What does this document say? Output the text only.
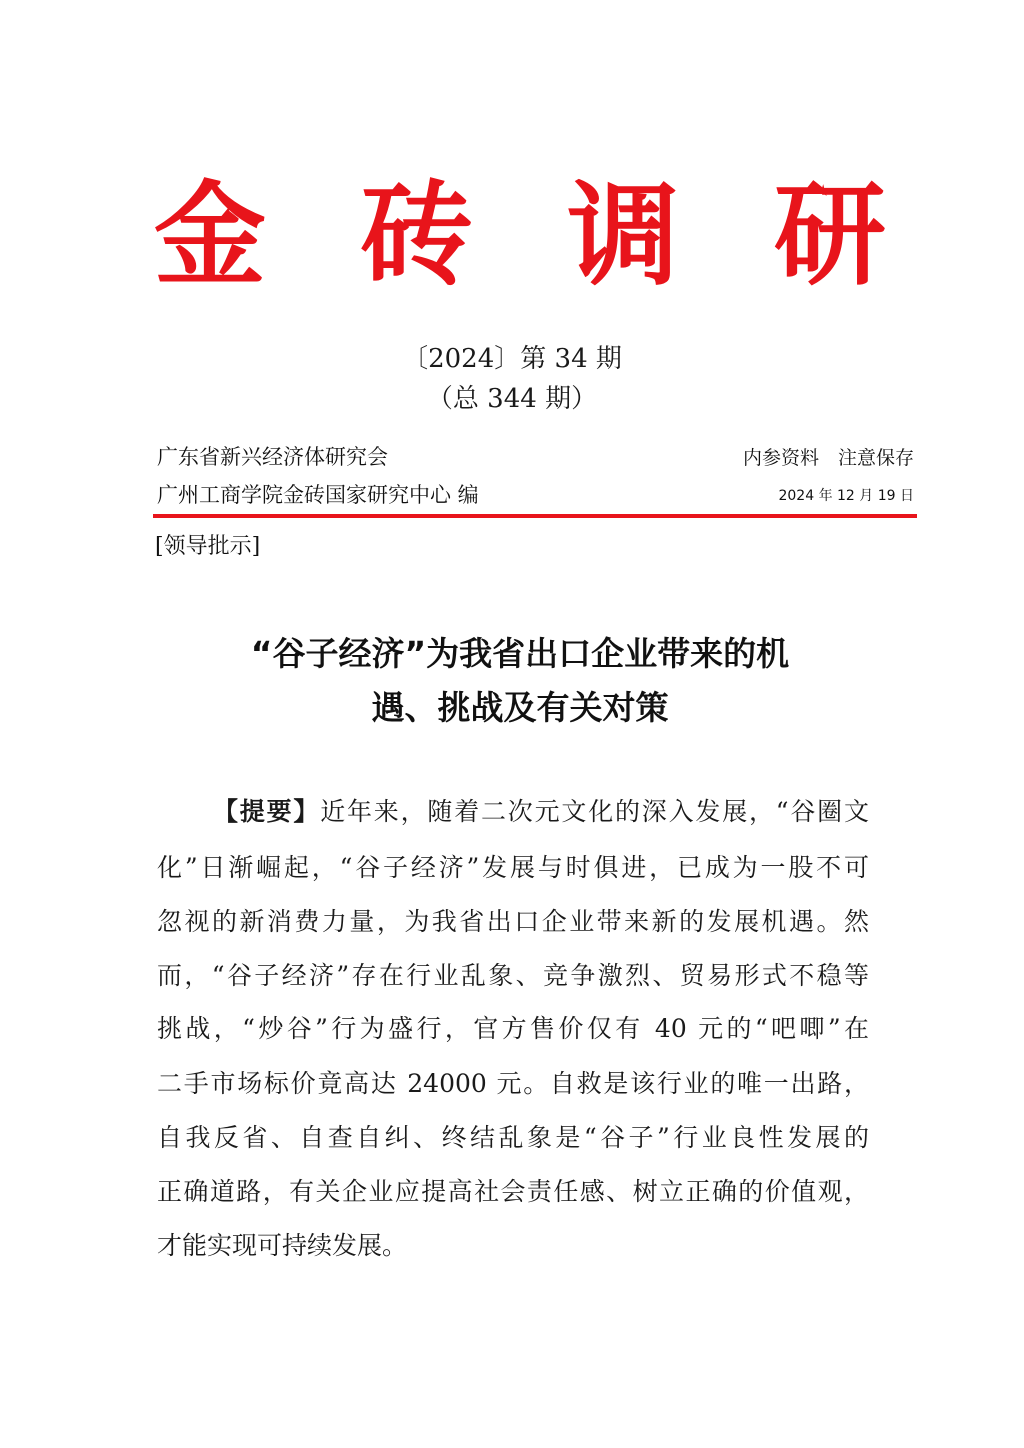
金 砖 调 研
〔2024〕第 34 期
（总 344 期）
广东省新兴经济体研究会
广州工商学院金砖国家研究中心 编
内参资料　注意保存
2024 年 12 月 19 日
[领导批示]
“谷子经济”为我省出口企业带来的机
遇、挑战及有关对策
【提要】近年来，随着二次元文化的深入发展，“谷圈文
化”日渐崛起，“谷子经济”发展与时俱进，已成为一股不可
忽视的新消费力量，为我省出口企业带来新的发展机遇。然
而，“谷子经济”存在行业乱象、竞争激烈、贸易形式不稳等
挑战，“炒谷”行为盛行，官方售价仅有 40 元的“吧唧”在
二手市场标价竟高达 24000 元。自救是该行业的唯一出路，
自我反省、自查自纠、终结乱象是“谷子”行业良性发展的
正确道路，有关企业应提高社会责任感、树立正确的价值观，
才能实现可持续发展。
